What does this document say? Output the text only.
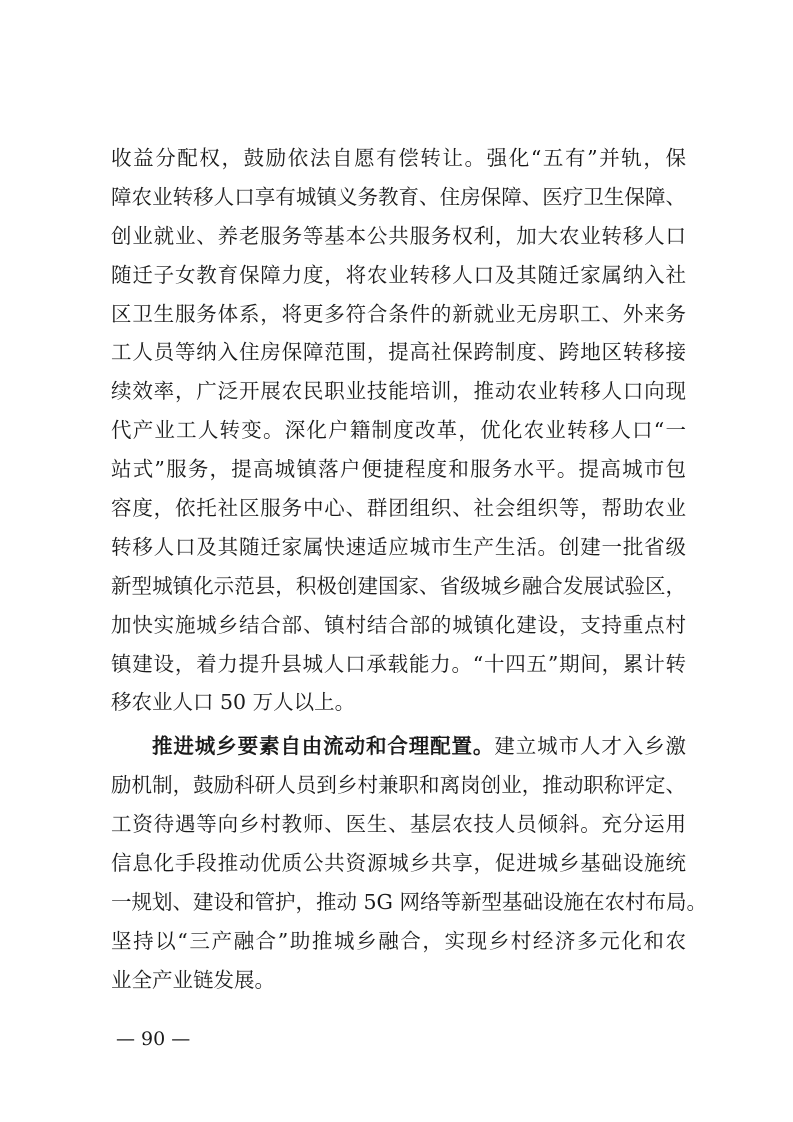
收益分配权，鼓励依法自愿有偿转让。强化“五有”并轨，保
障农业转移人口享有城镇义务教育、住房保障、医疗卫生保障、
创业就业、养老服务等基本公共服务权利，加大农业转移人口
随迁子女教育保障力度，将农业转移人口及其随迁家属纳入社
区卫生服务体系，将更多符合条件的新就业无房职工、外来务
工人员等纳入住房保障范围，提高社保跨制度、跨地区转移接
续效率，广泛开展农民职业技能培训，推动农业转移人口向现
代产业工人转变。深化户籍制度改革，优化农业转移人口“一
站式”服务，提高城镇落户便捷程度和服务水平。提高城市包
容度，依托社区服务中心、群团组织、社会组织等，帮助农业
转移人口及其随迁家属快速适应城市生产生活。创建一批省级
新型城镇化示范县，积极创建国家、省级城乡融合发展试验区，
加快实施城乡结合部、镇村结合部的城镇化建设，支持重点村
镇建设，着力提升县城人口承载能力。“十四五”期间，累计转
移农业人口 50 万人以上。
推进城乡要素自由流动和合理配置。建立城市人才入乡激
励机制，鼓励科研人员到乡村兼职和离岗创业，推动职称评定、
工资待遇等向乡村教师、医生、基层农技人员倾斜。充分运用
信息化手段推动优质公共资源城乡共享，促进城乡基础设施统
一规划、建设和管护，推动 5G 网络等新型基础设施在农村布局。
坚持以“三产融合”助推城乡融合，实现乡村经济多元化和农
业全产业链发展。
— 90 —
